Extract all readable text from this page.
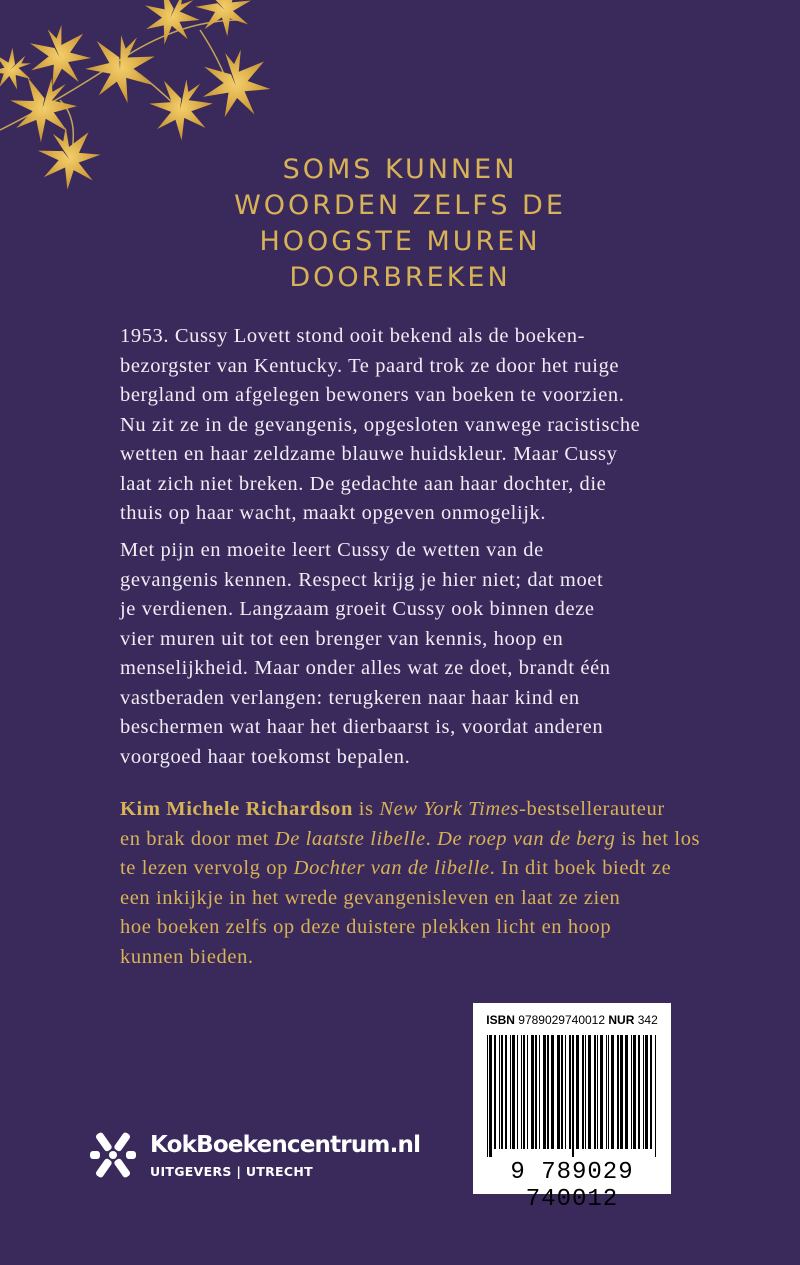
SOMS KUNNEN
WOORDEN ZELFS DE
HOOGSTE MUREN
DOORBREKEN

1953. Cussy Lovett stond ooit bekend als de boeken-
bezorgster van Kentucky. Te paard trok ze door het ruige
bergland om afgelegen bewoners van boeken te voorzien.
Nu zit ze in de gevangenis, opgesloten vanwege racistische
wetten en haar zeldzame blauwe huidskleur. Maar Cussy
laat zich niet breken. De gedachte aan haar dochter, die
thuis op haar wacht, maakt opgeven onmogelijk.

Met pijn en moeite leert Cussy de wetten van de
gevangenis kennen. Respect krijg je hier niet; dat moet
je verdienen. Langzaam groeit Cussy ook binnen deze
vier muren uit tot een brenger van kennis, hoop en
menselijkheid. Maar onder alles wat ze doet, brandt één
vastberaden verlangen: terugkeren naar haar kind en
beschermen wat haar het dierbaarst is, voordat anderen
voorgoed haar toekomst bepalen.

Kim Michele Richardson is New York Times-bestsellerauteur
en brak door met De laatste libelle. De roep van de berg is het los
te lezen vervolg op Dochter van de libelle. In dit boek biedt ze
een inkijkje in het wrede gevangenisleven en laat ze zien
hoe boeken zelfs op deze duistere plekken licht en hoop
kunnen bieden.

ISBN 9789029740012 NUR 342
9 789029 740012
KokBoekencentrum.nl
UITGEVERS | UTRECHT
